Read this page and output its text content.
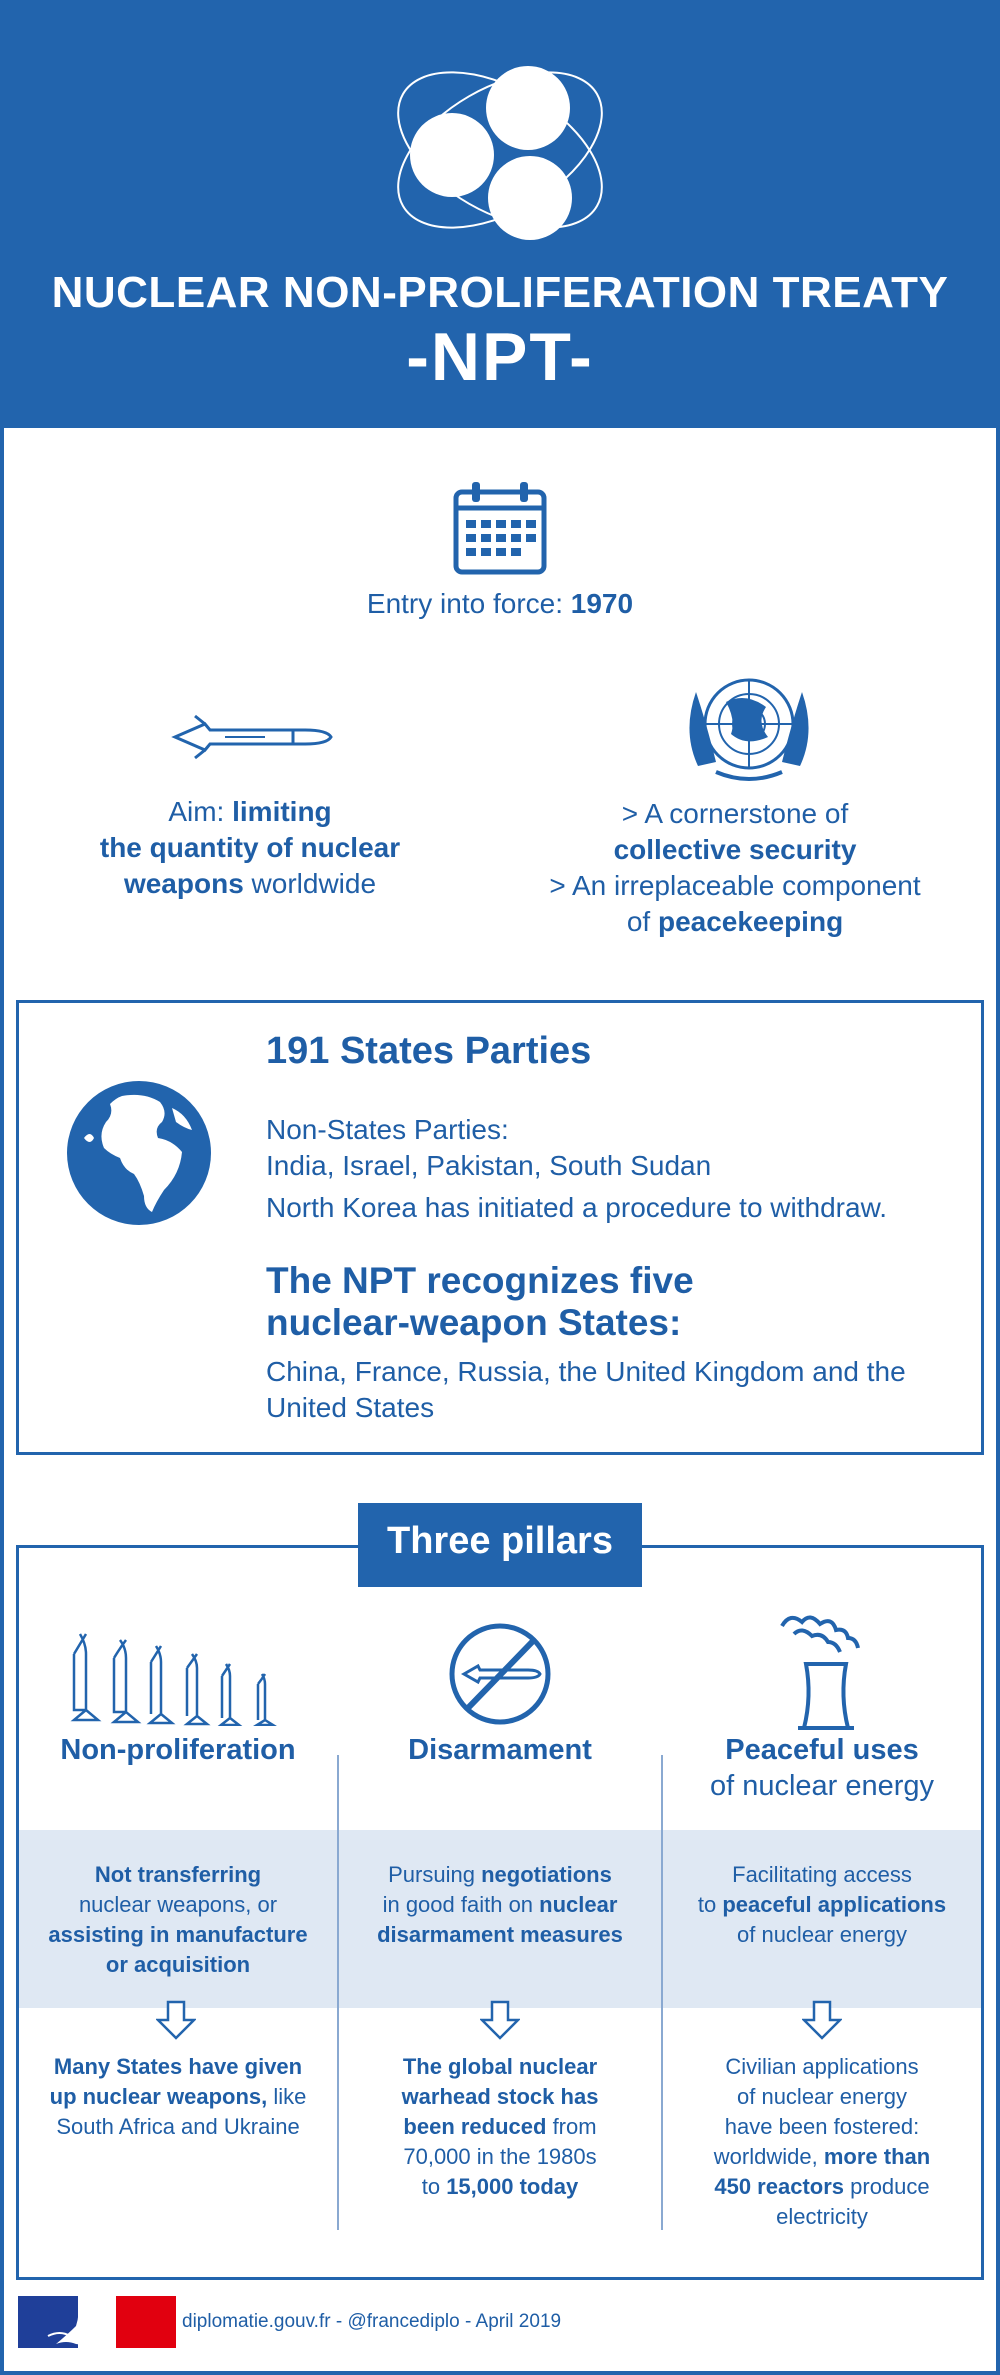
NUCLEAR NON-PROLIFERATION TREATY
-NPT-
Entry into force: 1970
Aim: limiting
the quantity of nuclear
weapons worldwide
> A cornerstone of
collective security
> An irreplaceable component
of peacekeeping
191 States Parties
Non-States Parties:
India, Israel, Pakistan, South Sudan
North Korea has initiated a procedure to withdraw.
The NPT recognizes five
nuclear-weapon States:
China, France, Russia, the United Kingdom and the
United States
Three pillars
Non-proliferation	Disarmament	Peaceful uses
of nuclear energy
Not transferring
nuclear weapons, or
assisting in manufacture
or acquisition
Pursuing negotiations
in good faith on nuclear
disarmament measures
Facilitating access
to peaceful applications
of nuclear energy
Many States have given
up nuclear weapons, like
South Africa and Ukraine
The global nuclear
warhead stock has
been reduced from
70,000 in the 1980s
to 15,000 today
Civilian applications
of nuclear energy
have been fostered:
worldwide, more than
450 reactors produce
electricity
diplomatie.gouv.fr - @francediplo - April 2019
